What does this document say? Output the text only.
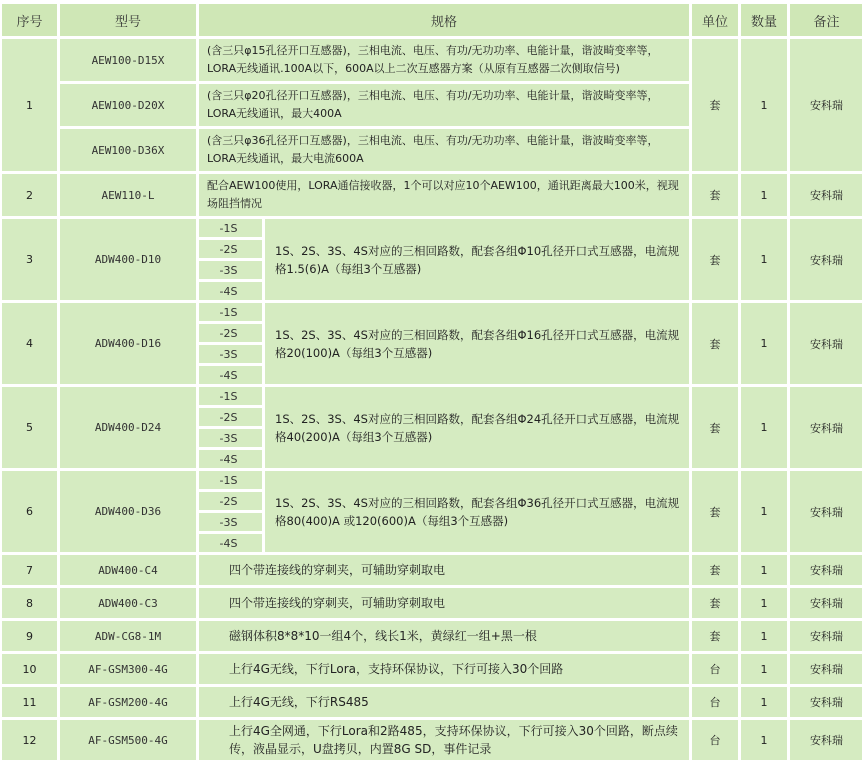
序号	型号	规格		单位	数量	备注
1	AEW100-D15X	(含三只φ15孔径开口互感器)，三相电流、电压、有功/无功功率、电能计量，谐波畸变率等，LORA无线通讯.100A以下，600A以上二次互感器方案（从原有互感器二次侧取信号)		套	1	安科瑞
	AEW100-D20X	(含三只φ20孔径开口互感器)，三相电流、电压、有功/无功功率、电能计量，谐波畸变率等，LORA无线通讯，最大400A				
	AEW100-D36X	(含三只φ36孔径开口互感器)，三相电流、电压、有功/无功功率、电能计量，谐波畸变率等，LORA无线通讯，最大电流600A				
2	AEW110-L	配合AEW100使用，LORA通信接收器，1个可以对应10个AEW100，通讯距离最大100米，视现场阻挡情况		套	1	安科瑞
3	ADW400-D10	-1S	1S、2S、3S、4S对应的三相回路数，配套各组Φ10孔径开口式互感器，电流规格1.5(6)A（每组3个互感器)	套	1	安科瑞
		-2S				
		-3S				
		-4S				
4	ADW400-D16	-1S	1S、2S、3S、4S对应的三相回路数，配套各组Φ16孔径开口式互感器，电流规格20(100)A（每组3个互感器)	套	1	安科瑞
		-2S				
		-3S				
		-4S				
5	ADW400-D24	-1S	1S、2S、3S、4S对应的三相回路数，配套各组Φ24孔径开口式互感器，电流规格40(200)A（每组3个互感器)	套	1	安科瑞
		-2S				
		-3S				
		-4S				
6	ADW400-D36	-1S	1S、2S、3S、4S对应的三相回路数，配套各组Φ36孔径开口式互感器，电流规格80(400)A 或120(600)A（每组3个互感器)	套	1	安科瑞
		-2S				
		-3S				
		-4S				
7	ADW400-C4	四个带连接线的穿刺夹，可辅助穿刺取电		套	1	安科瑞
8	ADW400-C3	四个带连接线的穿刺夹，可辅助穿刺取电		套	1	安科瑞
9	ADW-CG8-1M	磁钢体积8*8*10一组4个，线长1米，黄绿红一组+黑一根		套	1	安科瑞
10	AF-GSM300-4G	上行4G无线，下行Lora，支持环保协议，下行可接入30个回路		台	1	安科瑞
11	AF-GSM200-4G	上行4G无线，下行RS485		台	1	安科瑞
12	AF-GSM500-4G	上行4G全网通，下行Lora和2路485，支持环保协议，下行可接入30个回路，断点续传，液晶显示，U盘拷贝，内置8G SD，事件记录		台	1	安科瑞
